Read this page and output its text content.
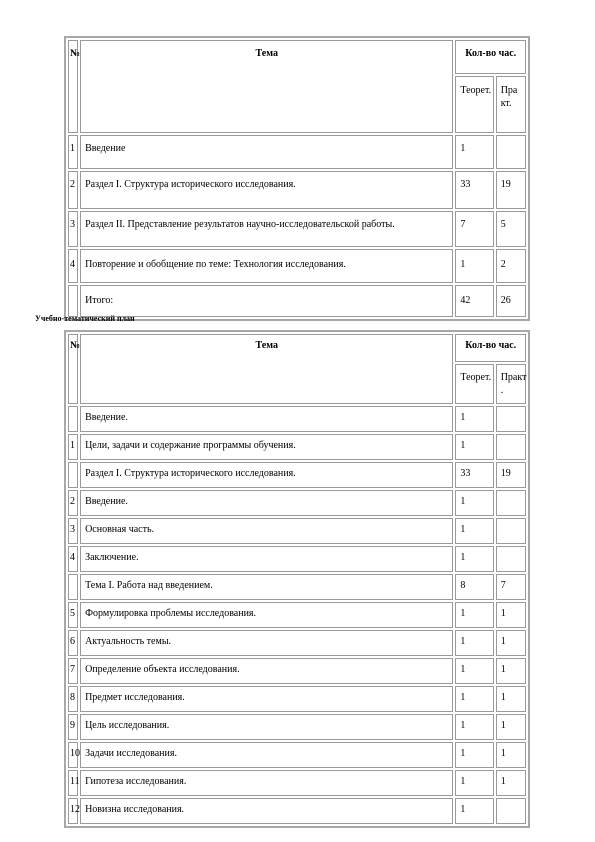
№	Тема	Кол-во час.	
		Теорет.	Пра кт.
1	Введение	1	
2	Раздел I. Структура исторического исследования.	33	19
3	Раздел II. Представление результатов научно-исследовательской работы.	7	5
4	Повторение и обобщение по теме: Технология исследования.	1	2
	Итого:	42	26
Учебно-тематический план
№	Тема	Кол-во час.	
		Теорет.	Практ .
	Введение.	1	
1	Цели, задачи и содержание программы обучения.	1	
	Раздел I. Структура исторического исследования.	33	19
2	Введение.	1	
3	Основная часть.	1	
4	Заключение.	1	
	Тема I. Работа над введением.	8	7
5	Формулировка проблемы исследования.	1	1
6	Актуальность темы.	1	1
7	Определение объекта исследования.	1	1
8	Предмет исследования.	1	1
9	Цель исследования.	1	1
10	Задачи исследования.	1	1
11	Гипотеза исследования.	1	1
12	Новизна исследования.	1	
